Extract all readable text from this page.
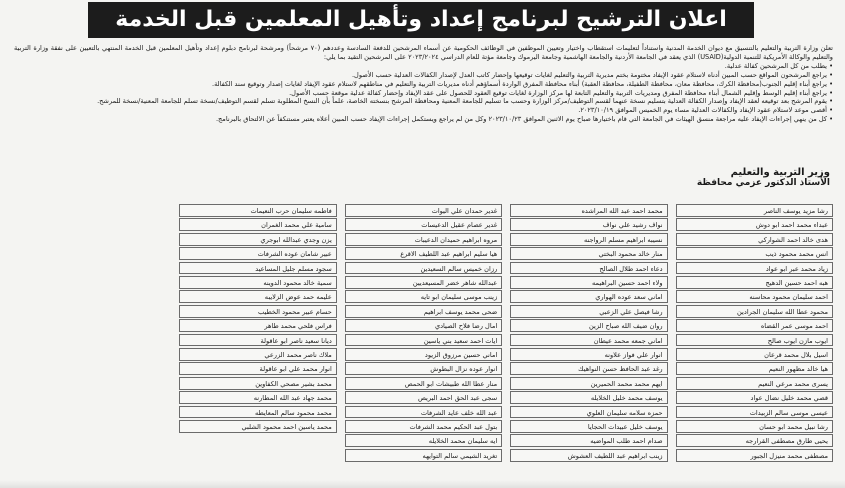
اعلان الترشيح لبرنامج إعداد وتأهيل المعلمين قبل الخدمة

تعلن وزارة التربية والتعليم بالتنسيق مع ديوان الخدمة المدنية واستناداً لتعليمات استقطاب واختيار وتعيين الموظفين في الوظائف الحكومية عن أسماء المرشحين للدفعة السادسة وعددهم (٧٠ مرشحاً) ومرشحة لبرنامج دبلوم إعداد وتأهيل المعلمين قبل الخدمة المنتهي بالتعيين على نفقة وزارة التربية والتعليم والوكالة الأمريكية للتنمية الدولية(USAID) الذي يعقد في الجامعة الأردنية والجامعة الهاشمية وجامعة اليرموك وجامعة مؤتة للعام الدراسي ٢٠٢٣/٢٠٢٤ على المرشحين التقيد بما يلي:

• يطلب من كل المرشحين كفالة عدلية.

• يراجع المرشحون المواقع حسب المبين أدناه لاستلام عقود الإيفاد مختومة بختم مديرية التربية والتعليم لغايات توقيعها وإحضار كاتب العدل لإصدار الكفالات العدلية حسب الأصول.

• يراجع أبناء إقليم الجنوب(محافظة الكرك، محافظة معان، محافظة الطفيلة، محافظة العقبة) أبناء محافظة المفرق الواردة أسماؤهم أدناه مديريات التربية والتعليم في مناطقهم لاستلام عقود الإيفاد لغايات إصدار وتوقيع سند الكفالة.

• يراجع أبناء إقليم الوسط وإقليم الشمال أبناء محافظة المفرق ومديريات التربية والتعليم التابعة لها مركز الوزارة لغايات توقيع العقود للحصول على عقد الإيفاد وإحضار كفالة عدلية موقعة حسب الأصول.

• يقوم المرشح بعد توقيعه لعقد الإيفاد وإصدار الكفالة العدلية بتسليم نسخة عنهما لقسم التوظيف/مركز الوزارة وحسب ما تسليم للجامعة المعنية ومحافظة المرشح بنسخته الخاصة، علماً بأن النسخ المطلوبة تسلم لقسم التوظيف/نسخة تسلم للجامعة المعنية/نسخة للمرشح.

• أقصى موعد لاستلام عقود الإيفاد والكفالات العدلية مساء يوم الخميس الموافق ٢٠٢٣/١٠/١٩.

• كل من ينهي إجراءات الإيفاد عليه مراجعة منسق الهيئات في الجامعة التي قام باختيارها صباح يوم الاثنين الموافق ٢٠٢٣/١٠/٢٣ وكل من لم يراجع ويستكمل إجراءات الإيفاد حسب المبين أعلاه يعتبر مستنكفاً عن الالتحاق بالبرنامج.

وزير التربية والتعليم
الأستاذ الدكتور عزمي محافظة
رشا مزيد يوسف الناصر
عبداء محمد احمد ابو دوش
هدى خالد احمد الشواركي
انس محمد محمود ذيب
زياد محمد عبر ابو عواد
هبه احمد حسين الدهيج
احمد سليمان محمود محاسنه
محمود عطا الله سليمان الجرادين
احمد موسى عمر القضاه
ايوب مازن ايوب صالح
اسيل بلال محمد قرعان
هيا خالد مظهور النعيم
يسرى محمد مرعي النعيم
قصي محمد خليل نضال عواد
عيسى موسى سالم الزبيدات
رشا نبيل محمد ابو حسان
يحيى طارق مصطفى القرارجه
مصطفى محمد منيزل الجبور
محمد احمد عبد الله المراشده
نواف رشيد علي نواف
نسيبه ابراهيم مسلم الرواجنه
منار خالد محمود البختي
دعاء احمد طلال الصالح
ولاء احمد حسين البراهيمه
اماني سعد عوده الهواري
رشا فيصل علي الزعبي
روان ضيف الله صباح الزين
اماني جمعه محمد عيطان
انوار علي فواز علاونه
رغد عبد الحافظ حسن النواهيك
ايهم محمد محمد الحميرين
يوسف محمد خليل الخلايله
حمزه سلامه سليمان العلوي
يوسف خليل عبيدات الحجايا
صدام احمد طلب المواضيه
زينب ابراهيم عبد اللطيف العشوش
غدير حمدان علي اليوات
غدير عصام عقيل الدعيسات
مروه ابراهيم حميدان الدعيبات
هيا سليم ابراهيم عبد اللطيف الاقرع
رزان خميس سالم السعيدين
عبدالله شاهر خضر المسيعديين
زينب موسى سليمان ابو تايه
ضحى محمد يوسف ابراهيم
امال رضا فلاح الصيادي
ايات احمد سعيد بني ياسين
اماني حسين مرزوق الزيود
انوار عوده نزال البطوش
منار عطا الله طبيشات ابو الحمص
سجى عبد الحق احمد البريص
عبد الله خلف عايد الشرفات
بتول عبد الحكيم محمد الشرفات
ايه سليمان محمد الخلايله
تغريد الشيمي سالم التوايهه
فاطمه سليمان حرب النعيمات
سامية علي محمد الغمران
يزن وجدي عبدالله ابوجري
عبير شامان عوده الشرفات
سجود مسلم جليل المساعيد
سمية خالد محمود الدوينه
عليمه حمد عوض الزلايبه
حسام عبير محمود الخطيب
فراس فلحي محمد طاهر
ديانا سعيد ناصر ابو عاقولة
ملاك ناصر محمد الزرعي
انوار محمد علي ابو عاقولة
محمد بشير مصحي الكفاوين
محمد جهاد عبد الله المطارنه
محمد محمود سالم المعايطه
محمد ياسين احمد محمود الشلبي
